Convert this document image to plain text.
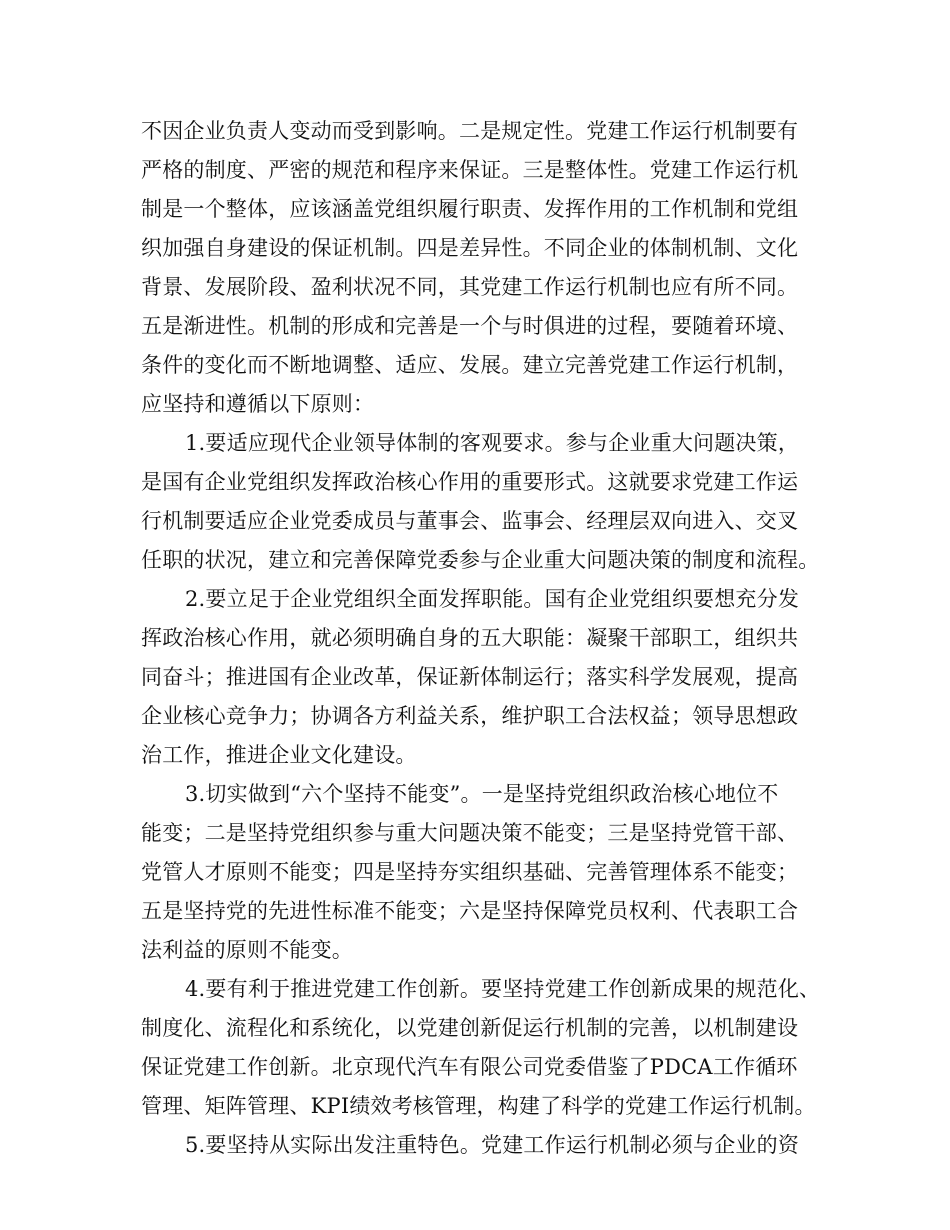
不因企业负责人变动而受到影响。二是规定性。党建工作运行机制要有
严格的制度、严密的规范和程序来保证。三是整体性。党建工作运行机
制是一个整体，应该涵盖党组织履行职责、发挥作用的工作机制和党组
织加强自身建设的保证机制。四是差异性。不同企业的体制机制、文化
背景、发展阶段、盈利状况不同，其党建工作运行机制也应有所不同。
五是渐进性。机制的形成和完善是一个与时俱进的过程，要随着环境、
条件的变化而不断地调整、适应、发展。建立完善党建工作运行机制，
应坚持和遵循以下原则：
1.要适应现代企业领导体制的客观要求。参与企业重大问题决策，
是国有企业党组织发挥政治核心作用的重要形式。这就要求党建工作运
行机制要适应企业党委成员与董事会、监事会、经理层双向进入、交叉
任职的状况，建立和完善保障党委参与企业重大问题决策的制度和流程。
2.要立足于企业党组织全面发挥职能。国有企业党组织要想充分发
挥政治核心作用，就必须明确自身的五大职能：凝聚干部职工，组织共
同奋斗；推进国有企业改革，保证新体制运行；落实科学发展观，提高
企业核心竞争力；协调各方利益关系，维护职工合法权益；领导思想政
治工作，推进企业文化建设。
3.切实做到“六个坚持不能变”。一是坚持党组织政治核心地位不
能变；二是坚持党组织参与重大问题决策不能变；三是坚持党管干部、
党管人才原则不能变；四是坚持夯实组织基础、完善管理体系不能变；
五是坚持党的先进性标准不能变；六是坚持保障党员权利、代表职工合
法利益的原则不能变。
4.要有利于推进党建工作创新。要坚持党建工作创新成果的规范化、
制度化、流程化和系统化，以党建创新促运行机制的完善，以机制建设
保证党建工作创新。北京现代汽车有限公司党委借鉴了PDCA工作循环
管理、矩阵管理、KPI绩效考核管理，构建了科学的党建工作运行机制。
5.要坚持从实际出发注重特色。党建工作运行机制必须与企业的资
